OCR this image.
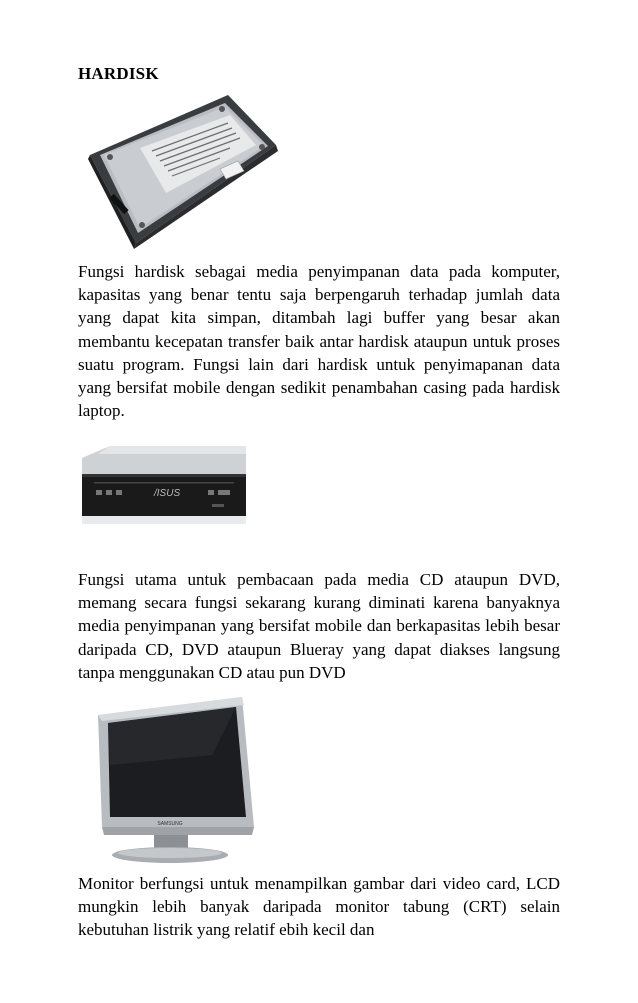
HARDISK

Fungsi hardisk sebagai media penyimpanan data pada komputer, kapasitas yang benar tentu saja berpengaruh terhadap jumlah data yang dapat kita simpan, ditambah lagi buffer yang besar akan membantu kecepatan transfer baik antar hardisk ataupun untuk proses suatu program. Fungsi lain dari hardisk untuk penyimapanan data yang bersifat mobile dengan sedikit penambahan casing pada hardisk laptop.

/ISUS

Fungsi utama untuk pembacaan pada media CD ataupun DVD, memang secara fungsi sekarang kurang diminati karena banyaknya media penyimpanan yang bersifat mobile dan berkapasitas lebih besar daripada CD, DVD ataupun Blueray yang dapat diakses langsung tanpa menggunakan CD atau pun DVD

SAMSUNG

Monitor berfungsi untuk menampilkan gambar dari video card, LCD mungkin lebih banyak daripada monitor tabung (CRT) selain kebutuhan listrik yang relatif ebih kecil dan
